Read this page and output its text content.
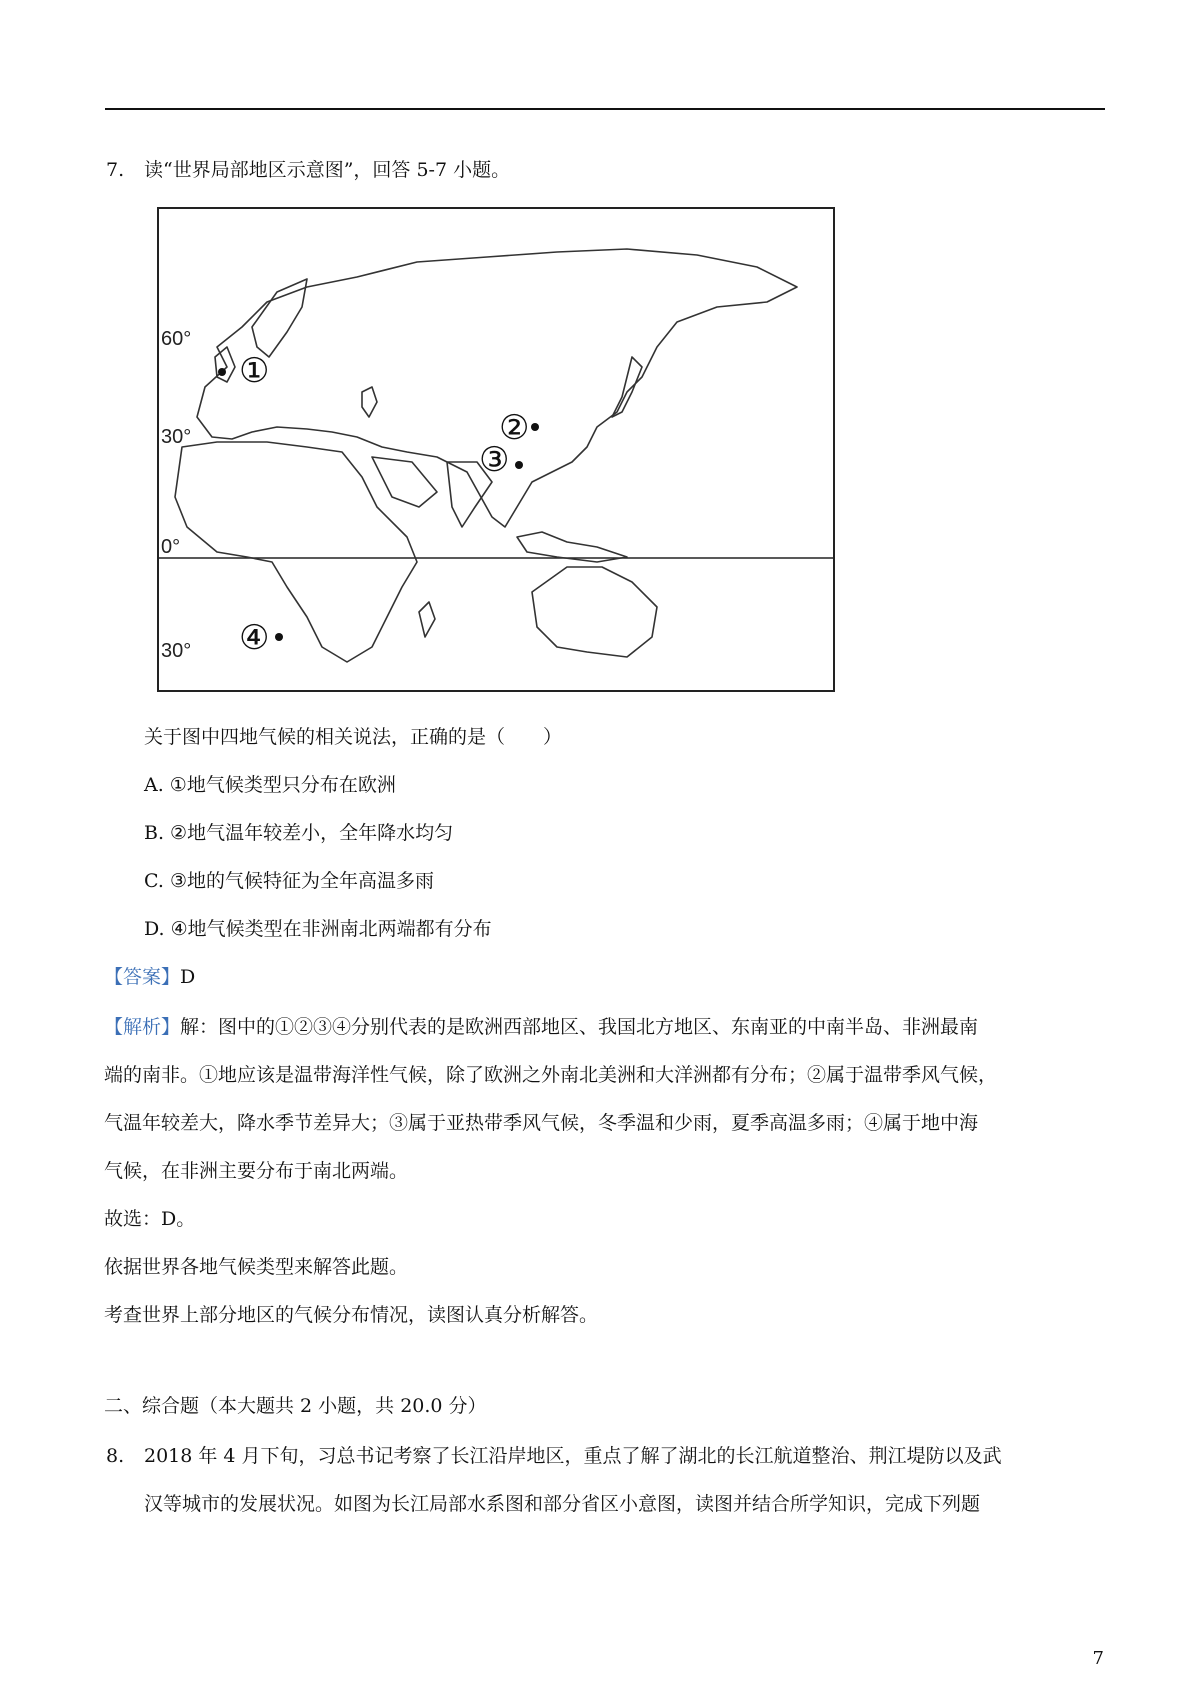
7. 读“世界局部地区示意图”，回答 5-7 小题。
60°
30°
0°
30°
①
②
③
④
关于图中四地气候的相关说法，正确的是（　　）
A. ①地气候类型只分布在欧洲
B. ②地气温年较差小，全年降水均匀
C. ③地的气候特征为全年高温多雨
D. ④地气候类型在非洲南北两端都有分布
【答案】D
【解析】解：图中的①②③④分别代表的是欧洲西部地区、我国北方地区、东南亚的中南半岛、非洲最南
端的南非。①地应该是温带海洋性气候，除了欧洲之外南北美洲和大洋洲都有分布；②属于温带季风气候，
气温年较差大，降水季节差异大；③属于亚热带季风气候，冬季温和少雨，夏季高温多雨；④属于地中海
气候，在非洲主要分布于南北两端。
故选：D。
依据世界各地气候类型来解答此题。
考查世界上部分地区的气候分布情况，读图认真分析解答。
二、综合题（本大题共 2 小题，共 20.0 分）
8. 2018 年 4 月下旬，习总书记考察了长江沿岸地区，重点了解了湖北的长江航道整治、荆江堤防以及武
汉等城市的发展状况。如图为长江局部水系图和部分省区小意图，读图并结合所学知识，完成下列题
7
